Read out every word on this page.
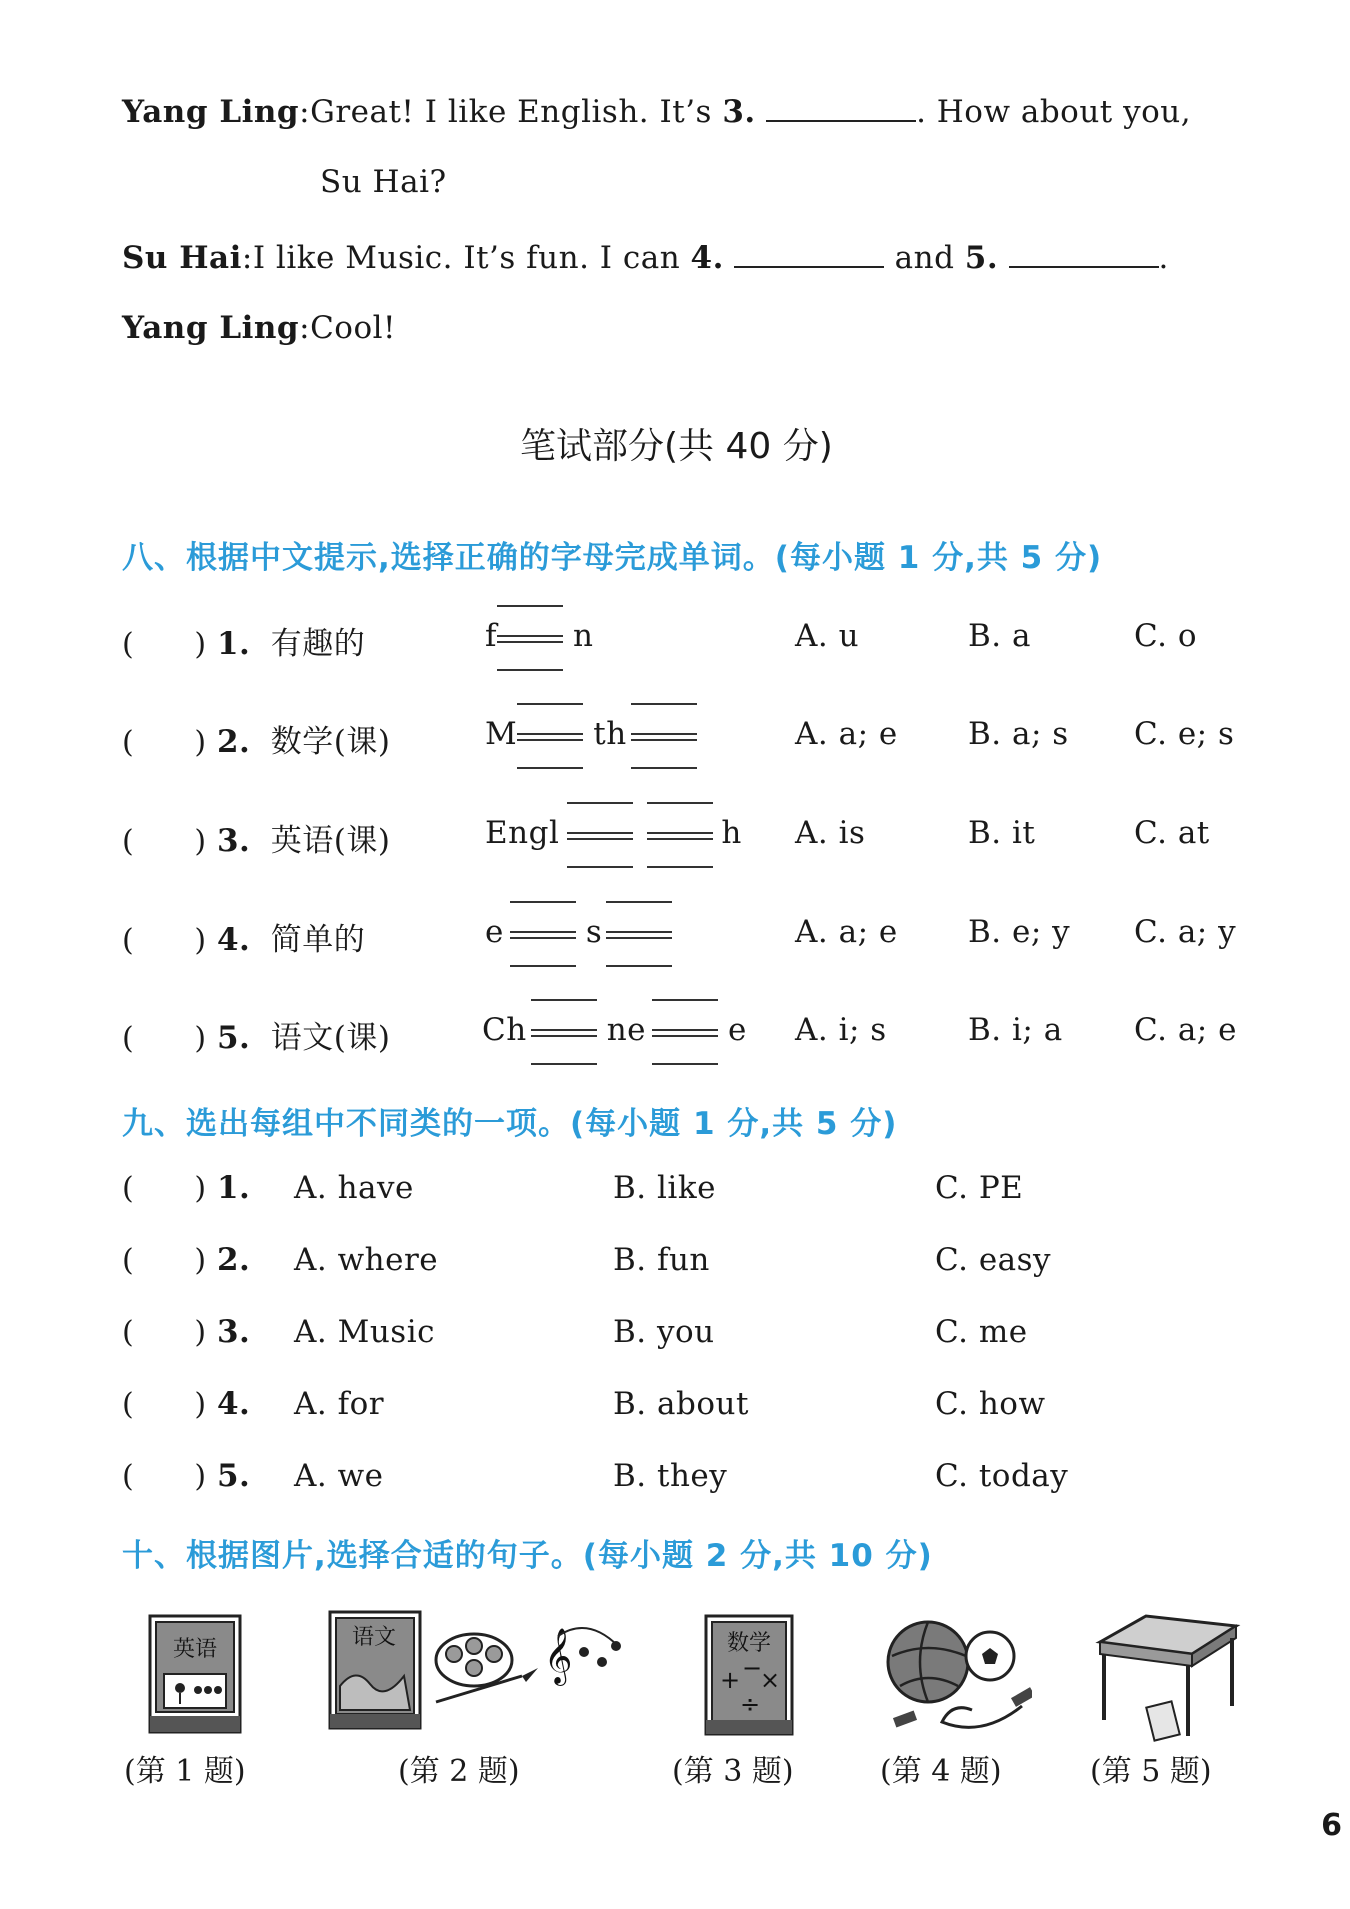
Yang Ling:Great! I like English. It’s 3.	. How about you,
Su Hai?
Su Hai:I like Music. It’s fun. I can 4.	and 5.	.
Yang Ling:Cool!
笔试部分(共 40 分)
八、根据中文提示,选择正确的字母完成单词。(每小题 1 分,共 5 分)
(      ) 1. 有趣的	f n	A. u	B. a	C. o
(      ) 2. 数学(课)	M th	A. a; e B. a; s C. e; s
(      ) 3. 英语(课)	Engl	h A. is	B. it	C. at
(      ) 4. 简单的	e	s	A. a; e B. e; y C. a; y
(      ) 5. 语文(课)	Ch	ne	e A. i; s	B. i; a C. a; e
九、选出每组中不同类的一项。(每小题 1 分,共 5 分)
(      ) 1. A. have	B. like	C. PE
(      ) 2. A. where	B. fun	C. easy
(      ) 3. A. Music	B. you	C. me
(      ) 4. A. for	B. about	C. how
(      ) 5. A. we	B. they	C. today
十、根据图片,选择合适的句子。(每小题 2 分,共 10 分)
英语	语文	𝄞	数学
+ −
×
÷
(第 1 题)	(第 2 题)	(第 3 题)	(第 4 题)	(第 5 题)
6
